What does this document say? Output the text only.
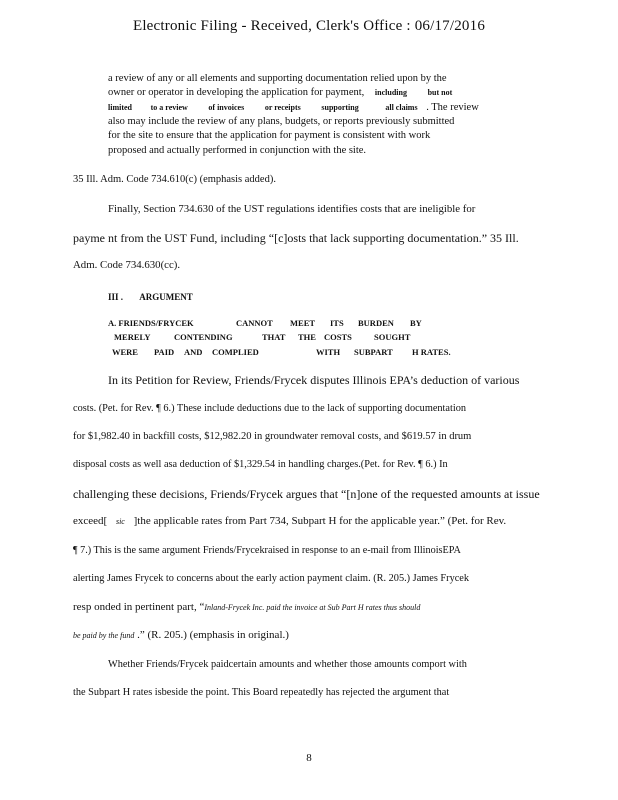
Electronic Filing - Received, Clerk's Office : 06/17/2016
a review of any or all elements and supporting documentation relied upon by the
owner or operator in developing the application for payment, including	but not
limited to a review	of invoices	or receipts	supporting	all claims . The review
also may include the review of any plans, budgets, or reports previously submitted
for the site to ensure that the application for payment is consistent with work
proposed and actually performed in conjunction with the site.
35 Ill. Adm. Code 734.610(c) (emphasis added).
Finally, Section 734.630 of the UST regulations identifies costs that are ineligible for
payme nt from the UST Fund, including “[c]osts that lack supporting documentation.” 35 Ill.
Adm. Code 734.630(cc).
III . ARGUMENT
A. FRIENDS/FRYCEK	CANNOT MEET ITS BURDEN BY
MERELY	CONTENDING	THAT THE COSTS	SOUGHT
WERE PAID AND COMPLIED	WITH SUBPART H RATES.
In its Petition for Review, Friends/Frycek disputes Illinois EPA’s deduction of various
costs. (Pet. for Rev. ¶ 6.) These include deductions due to the lack of supporting documentation
for $1,982.40 in backfill costs, $12,982.20 in groundwater removal costs, and $619.57 in drum
disposal costs as well asa deduction of $1,329.54 in handling charges.(Pet. for Rev. ¶ 6.) In
challenging these decisions, Friends/Frycek argues that “[n]one of the requested amounts at issue
exceed[ sic ]the applicable rates from Part 734, Subpart H for the applicable year.” (Pet. for Rev.
¶ 7.) This is the same argument Friends/Frycekraised in response to an e-mail from IllinoisEPA
alerting James Frycek to concerns about the early action payment claim. (R. 205.) James Frycek
resp onded in pertinent part, “Inland-Frycek Inc. paid the invoice at Sub Part H rates thus should
be paid by the fund .” (R. 205.) (emphasis in original.)
Whether Friends/Frycek paidcertain amounts and whether those amounts comport with
the Subpart H rates isbeside the point. This Board repeatedly has rejected the argument that
8
